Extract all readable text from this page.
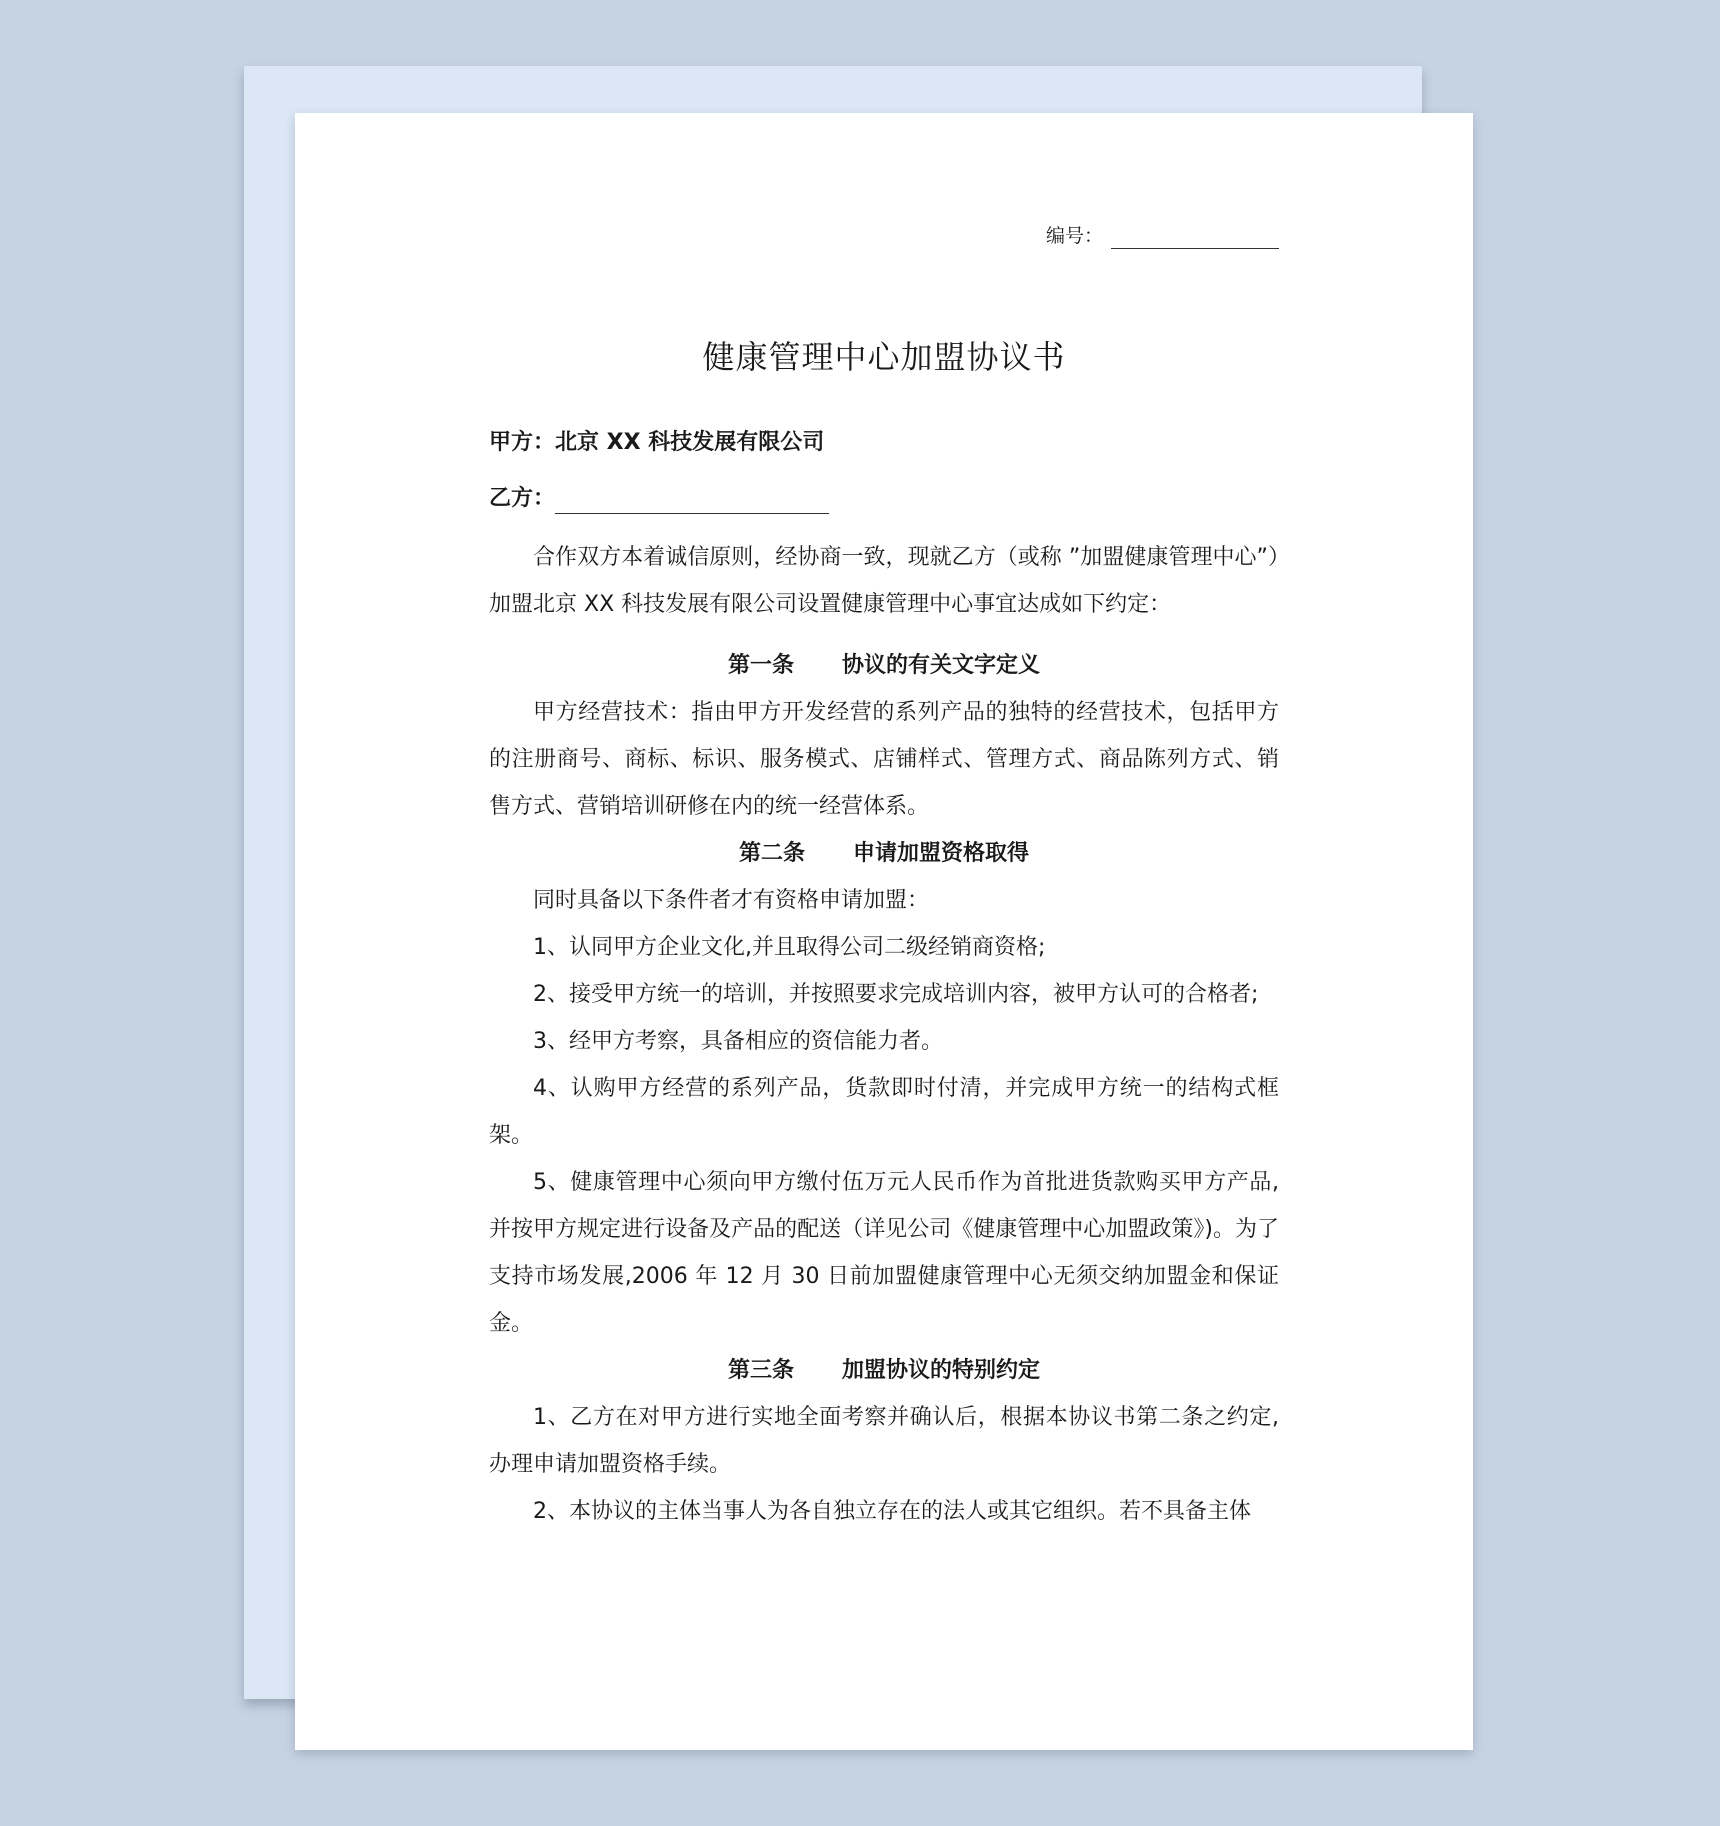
编号：
健康管理中心加盟协议书

甲方：北京 XX 科技发展有限公司

乙方：

合作双方本着诚信原则，经协商一致，现就乙方（或称 ”加盟健康管理中心”）加盟北京 XX 科技发展有限公司设置健康管理中心事宜达成如下约定：

第一条 协议的有关文字定义

甲方经营技术：指由甲方开发经营的系列产品的独特的经营技术，包括甲方的注册商号、商标、标识、服务模式、店铺样式、管理方式、商品陈列方式、销售方式、营销培训研修在内的统一经营体系。

第二条 申请加盟资格取得

同时具备以下条件者才有资格申请加盟：

1、认同甲方企业文化,并且取得公司二级经销商资格;

2、接受甲方统一的培训，并按照要求完成培训内容，被甲方认可的合格者;

3、经甲方考察，具备相应的资信能力者。

4、认购甲方经营的系列产品，货款即时付清，并完成甲方统一的结构式框架。

5、健康管理中心须向甲方缴付伍万元人民币作为首批进货款购买甲方产品,并按甲方规定进行设备及产品的配送（详见公司《健康管理中心加盟政策》)。为了支持市场发展,2006 年 12 月 30 日前加盟健康管理中心无须交纳加盟金和保证金。

第三条 加盟协议的特别约定

1、乙方在对甲方进行实地全面考察并确认后，根据本协议书第二条之约定,办理申请加盟资格手续。

2、本协议的主体当事人为各自独立存在的法人或其它组织。若不具备主体
